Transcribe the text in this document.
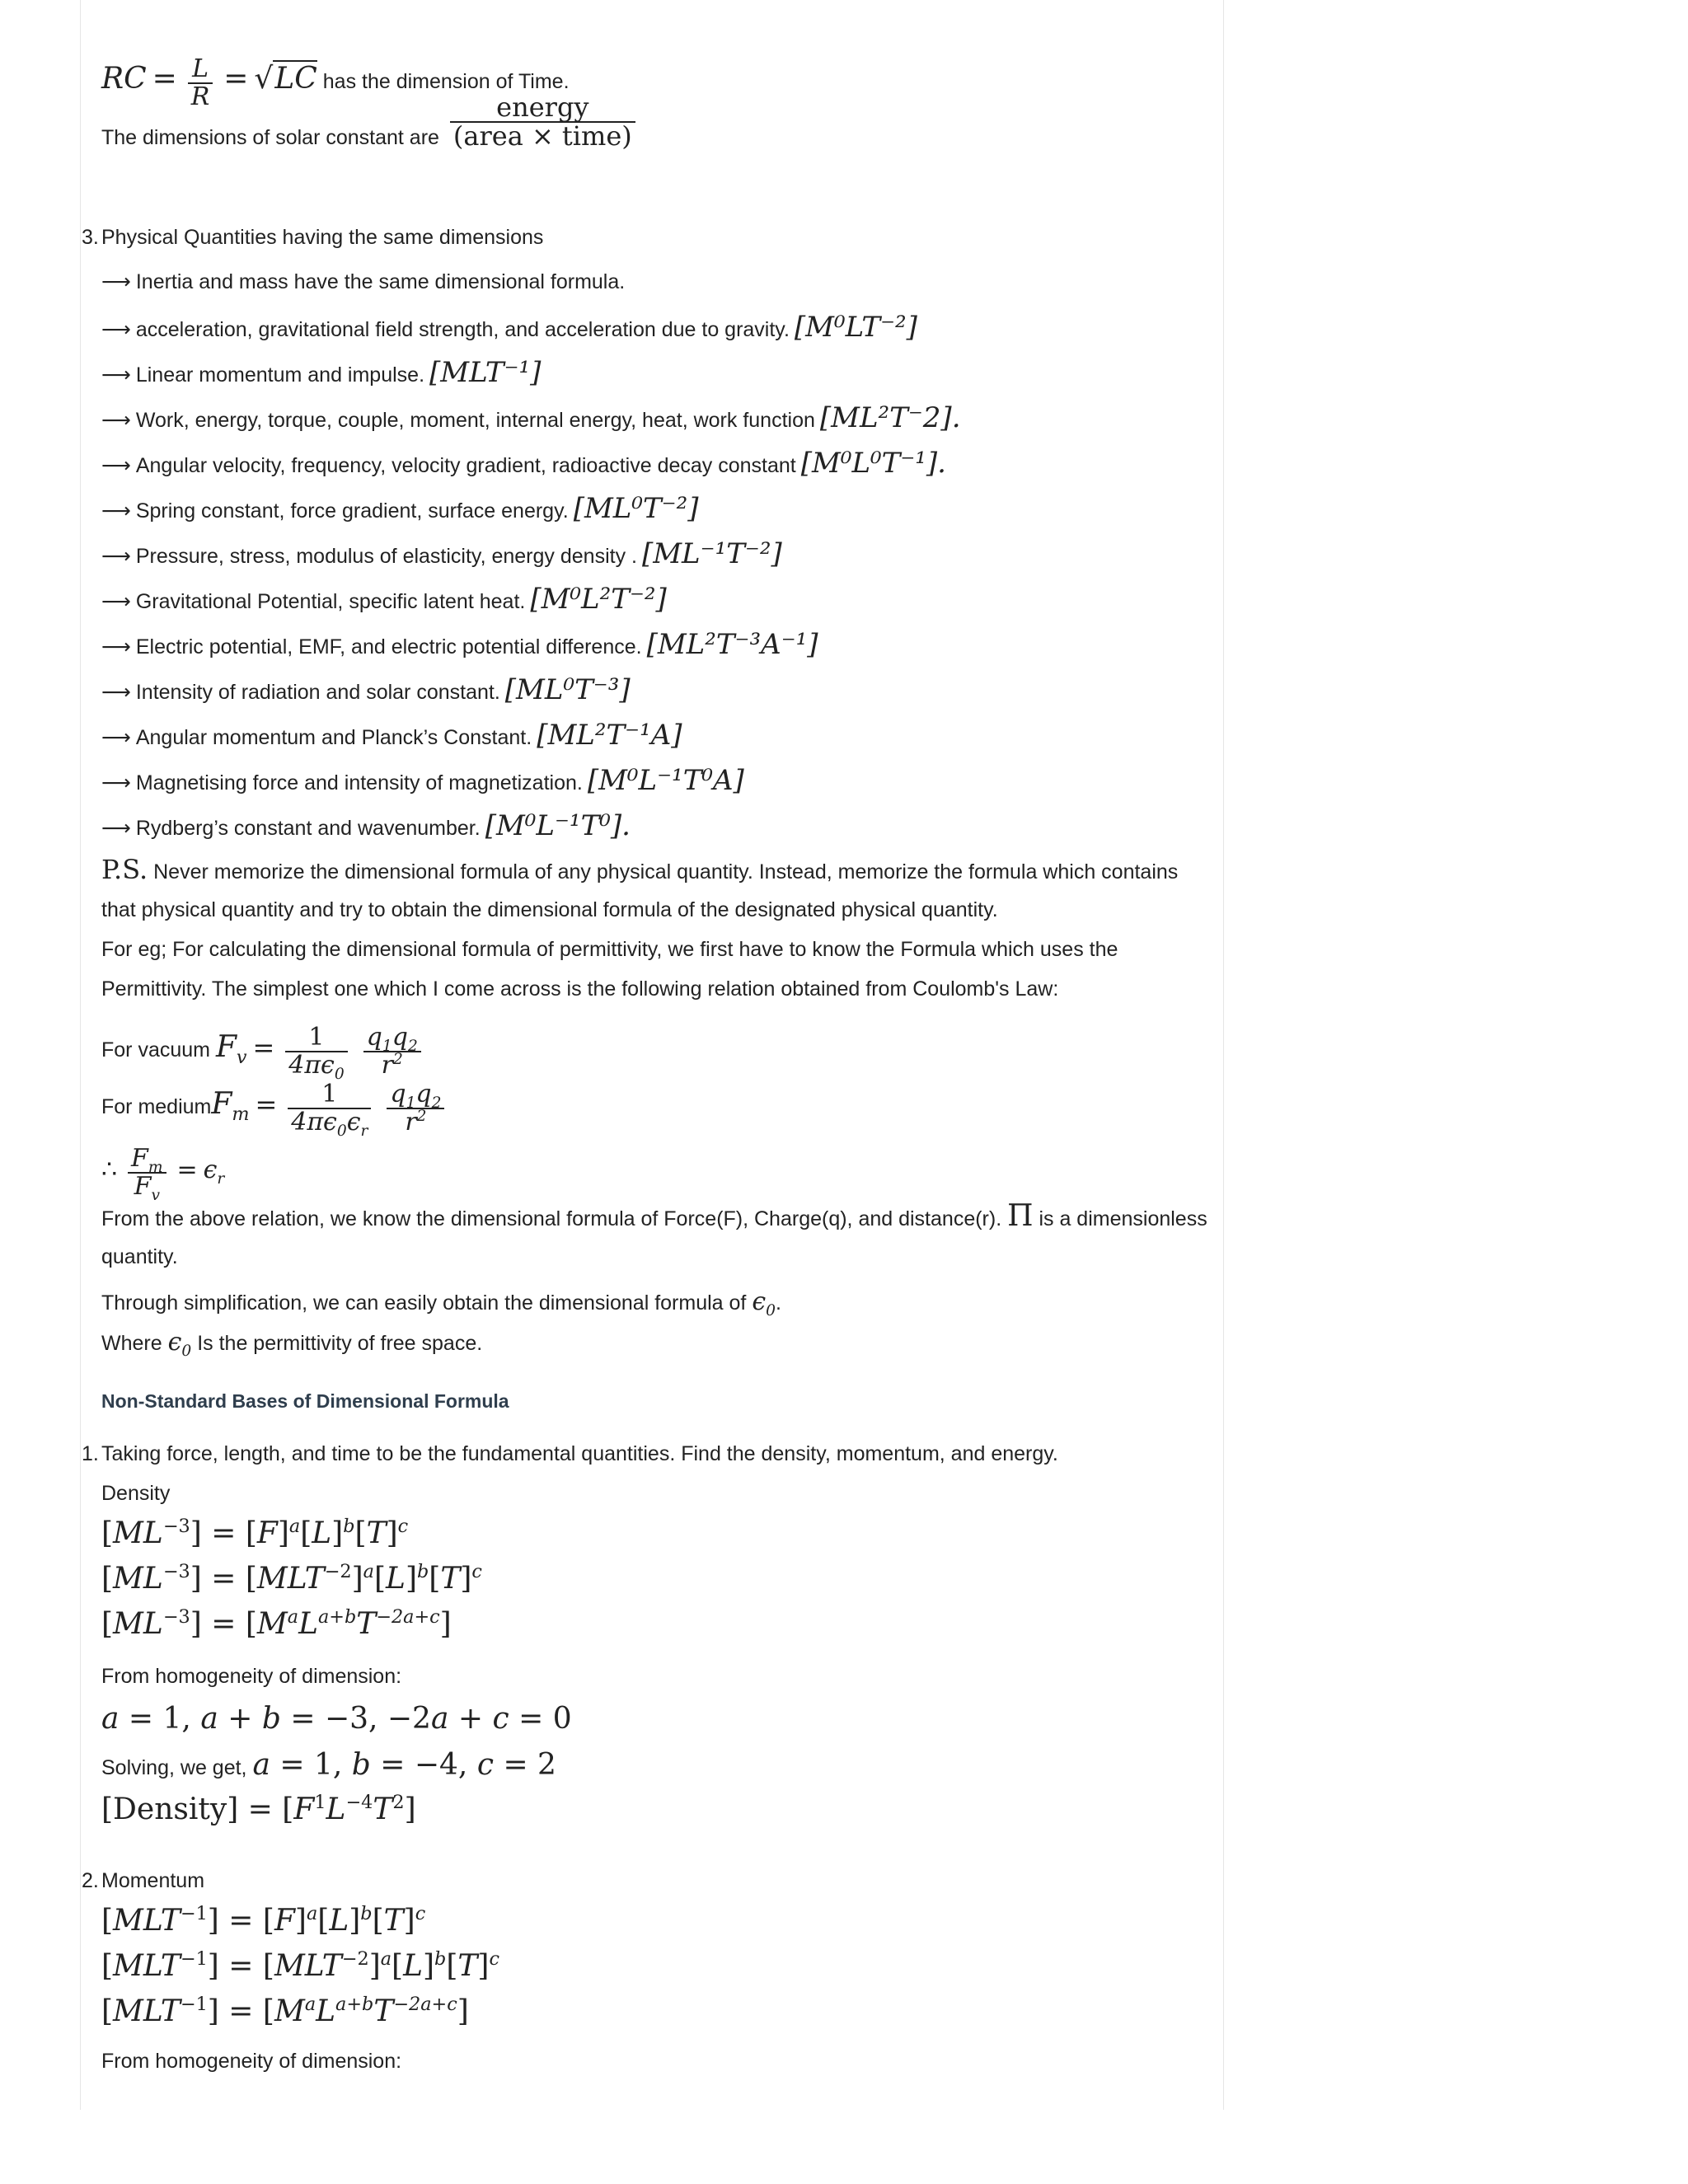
RC = $\frac{L}{R} = √LC$ has the dimension of Time.
The dimensions of solar constant are $\frac{\text{energy}}{\text{(area × time)}}$
3. Physical Quantities having the same dimensions
⟶ Inertia and mass have the same dimensional formula.
⟶ acceleration, gravitational field strength, and acceleration due to gravity. [M⁰LT⁻²]
⟶ Linear momentum and impulse. [MLT⁻¹]
⟶ Work, energy, torque, couple, moment, internal energy, heat, work function [ML²T⁻2].
⟶ Angular velocity, frequency, velocity gradient, radioactive decay constant [M⁰L⁰T⁻¹].
⟶ Spring constant, force gradient, surface energy. [ML⁰T⁻²]
⟶ Pressure, stress, modulus of elasticity, energy density . [ML⁻¹T⁻²]
⟶ Gravitational Potential, specific latent heat. [M⁰L²T⁻²]
⟶ Electric potential, EMF, and electric potential difference. [ML²T⁻³A⁻¹]
⟶ Intensity of radiation and solar constant. [ML⁰T⁻³]
⟶ Angular momentum and Planck’s Constant. [ML²T⁻¹A]
⟶ Magnetising force and intensity of magnetization. [M⁰L⁻¹T⁰A]
⟶ Rydberg’s constant and wavenumber. [M⁰L⁻¹T⁰].
P.S. Never memorize the dimensional formula of any physical quantity. Instead, memorize the formula which contains
that physical quantity and try to obtain the dimensional formula of the designated physical quantity.
For eg; For calculating the dimensional formula of permittivity, we first have to know the Formula which uses the
Permittivity. The simplest one which I come across is the following relation obtained from Coulomb's Law:
For vacuum $F_v = \frac{1}{4\pi\epsilon_0}$
$\frac{q_1q_2}{r^2}$
For mediumF$_m$ = $\frac{1}{4\pi\epsilon_0\epsilon_r}$
$\frac{q_1q_2}{r^2}$
∴ $\frac{F_m}{F_v} = \epsilon_r$
From the above relation, we know the dimensional formula of Force(F), Charge(q), and distance(r). Π is a dimensionless
quantity.
Through simplification, we can easily obtain the dimensional formula of $\epsilon_0$.
Where $\epsilon_0$ Is the permittivity of free space.
Non-Standard Bases of Dimensional Formula
1. Taking force, length, and time to be the fundamental quantities. Find the density, momentum, and energy.
Density
$[ML^{-3}] = [F]^a[L]^b[T]^c$
$[ML^{-3}] = [MLT^{-2}]^a[L]^b[T]^c$
$[ML^{-3}] = [M^aL^{a+b}T^{-2a+c}]$
From homogeneity of dimension:
a = 1, a + b = −3, −2a + c = 0
Solving, we get, a = 1, b = −4, c = 2
[Density] = $[F^1L^{-4}T^2]$
2. Momentum
$[MLT^{-1}] = [F]^a[L]^b[T]^c$
$[MLT^{-1}] = [MLT^{-2}]^a[L]^b[T]^c$
$[MLT^{-1}] = [M^aL^{a+b}T^{-2a+c}]$
From homogeneity of dimension:
